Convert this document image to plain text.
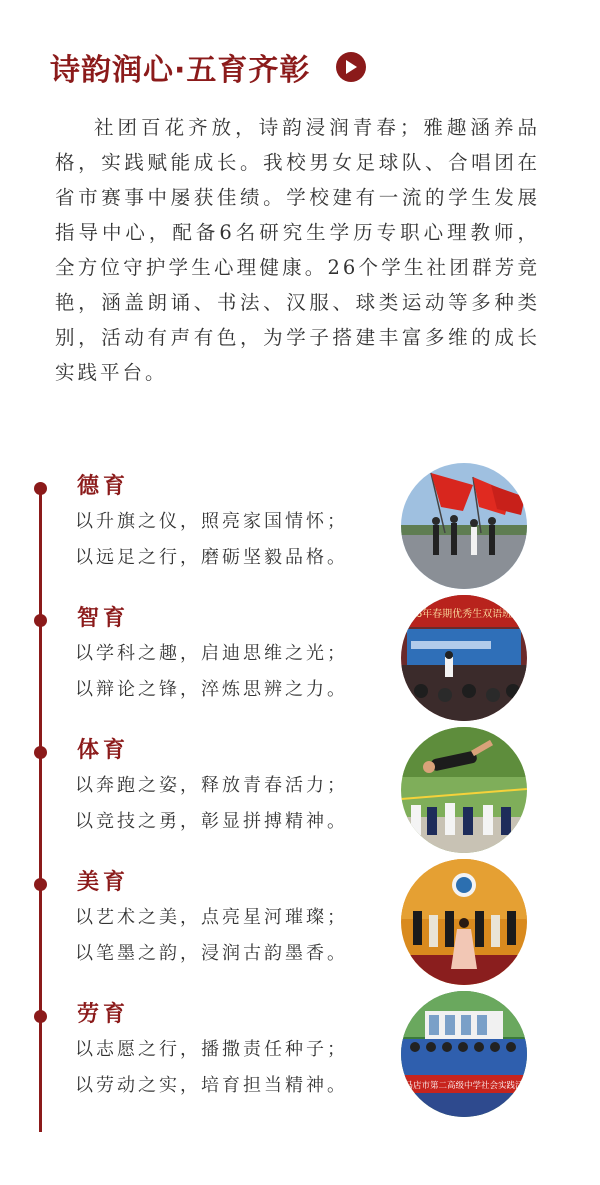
诗韵润心·五育齐彰

社团百花齐放，诗韵浸润青春；雅趣涵养品格，实践赋能成长。我校男女足球队、合唱团在省市赛事中屡获佳绩。学校建有一流的学生发展指导中心，配备6名研究生学历专职心理教师，全方位守护学生心理健康。26个学生社团群芳竞艳，涵盖朗诵、书法、汉服、球类运动等多种类别，活动有声有色，为学子搭建丰富多维的成长实践平台。

德育
以升旗之仪，照亮家国情怀；
以远足之行，磨砺坚毅品格。
智育
以学科之趣，启迪思维之光；
以辩论之锋，淬炼思辨之力。
6年春期优秀生双语班
体育
以奔跑之姿，释放青春活力；
以竞技之勇，彰显拼搏精神。
美育
以艺术之美，点亮星河璀璨；
以笔墨之韵，浸润古韵墨香。
劳育
以志愿之行，播撒责任种子；
以劳动之实，培育担当精神。	马店市第二高级中学社会实践活
